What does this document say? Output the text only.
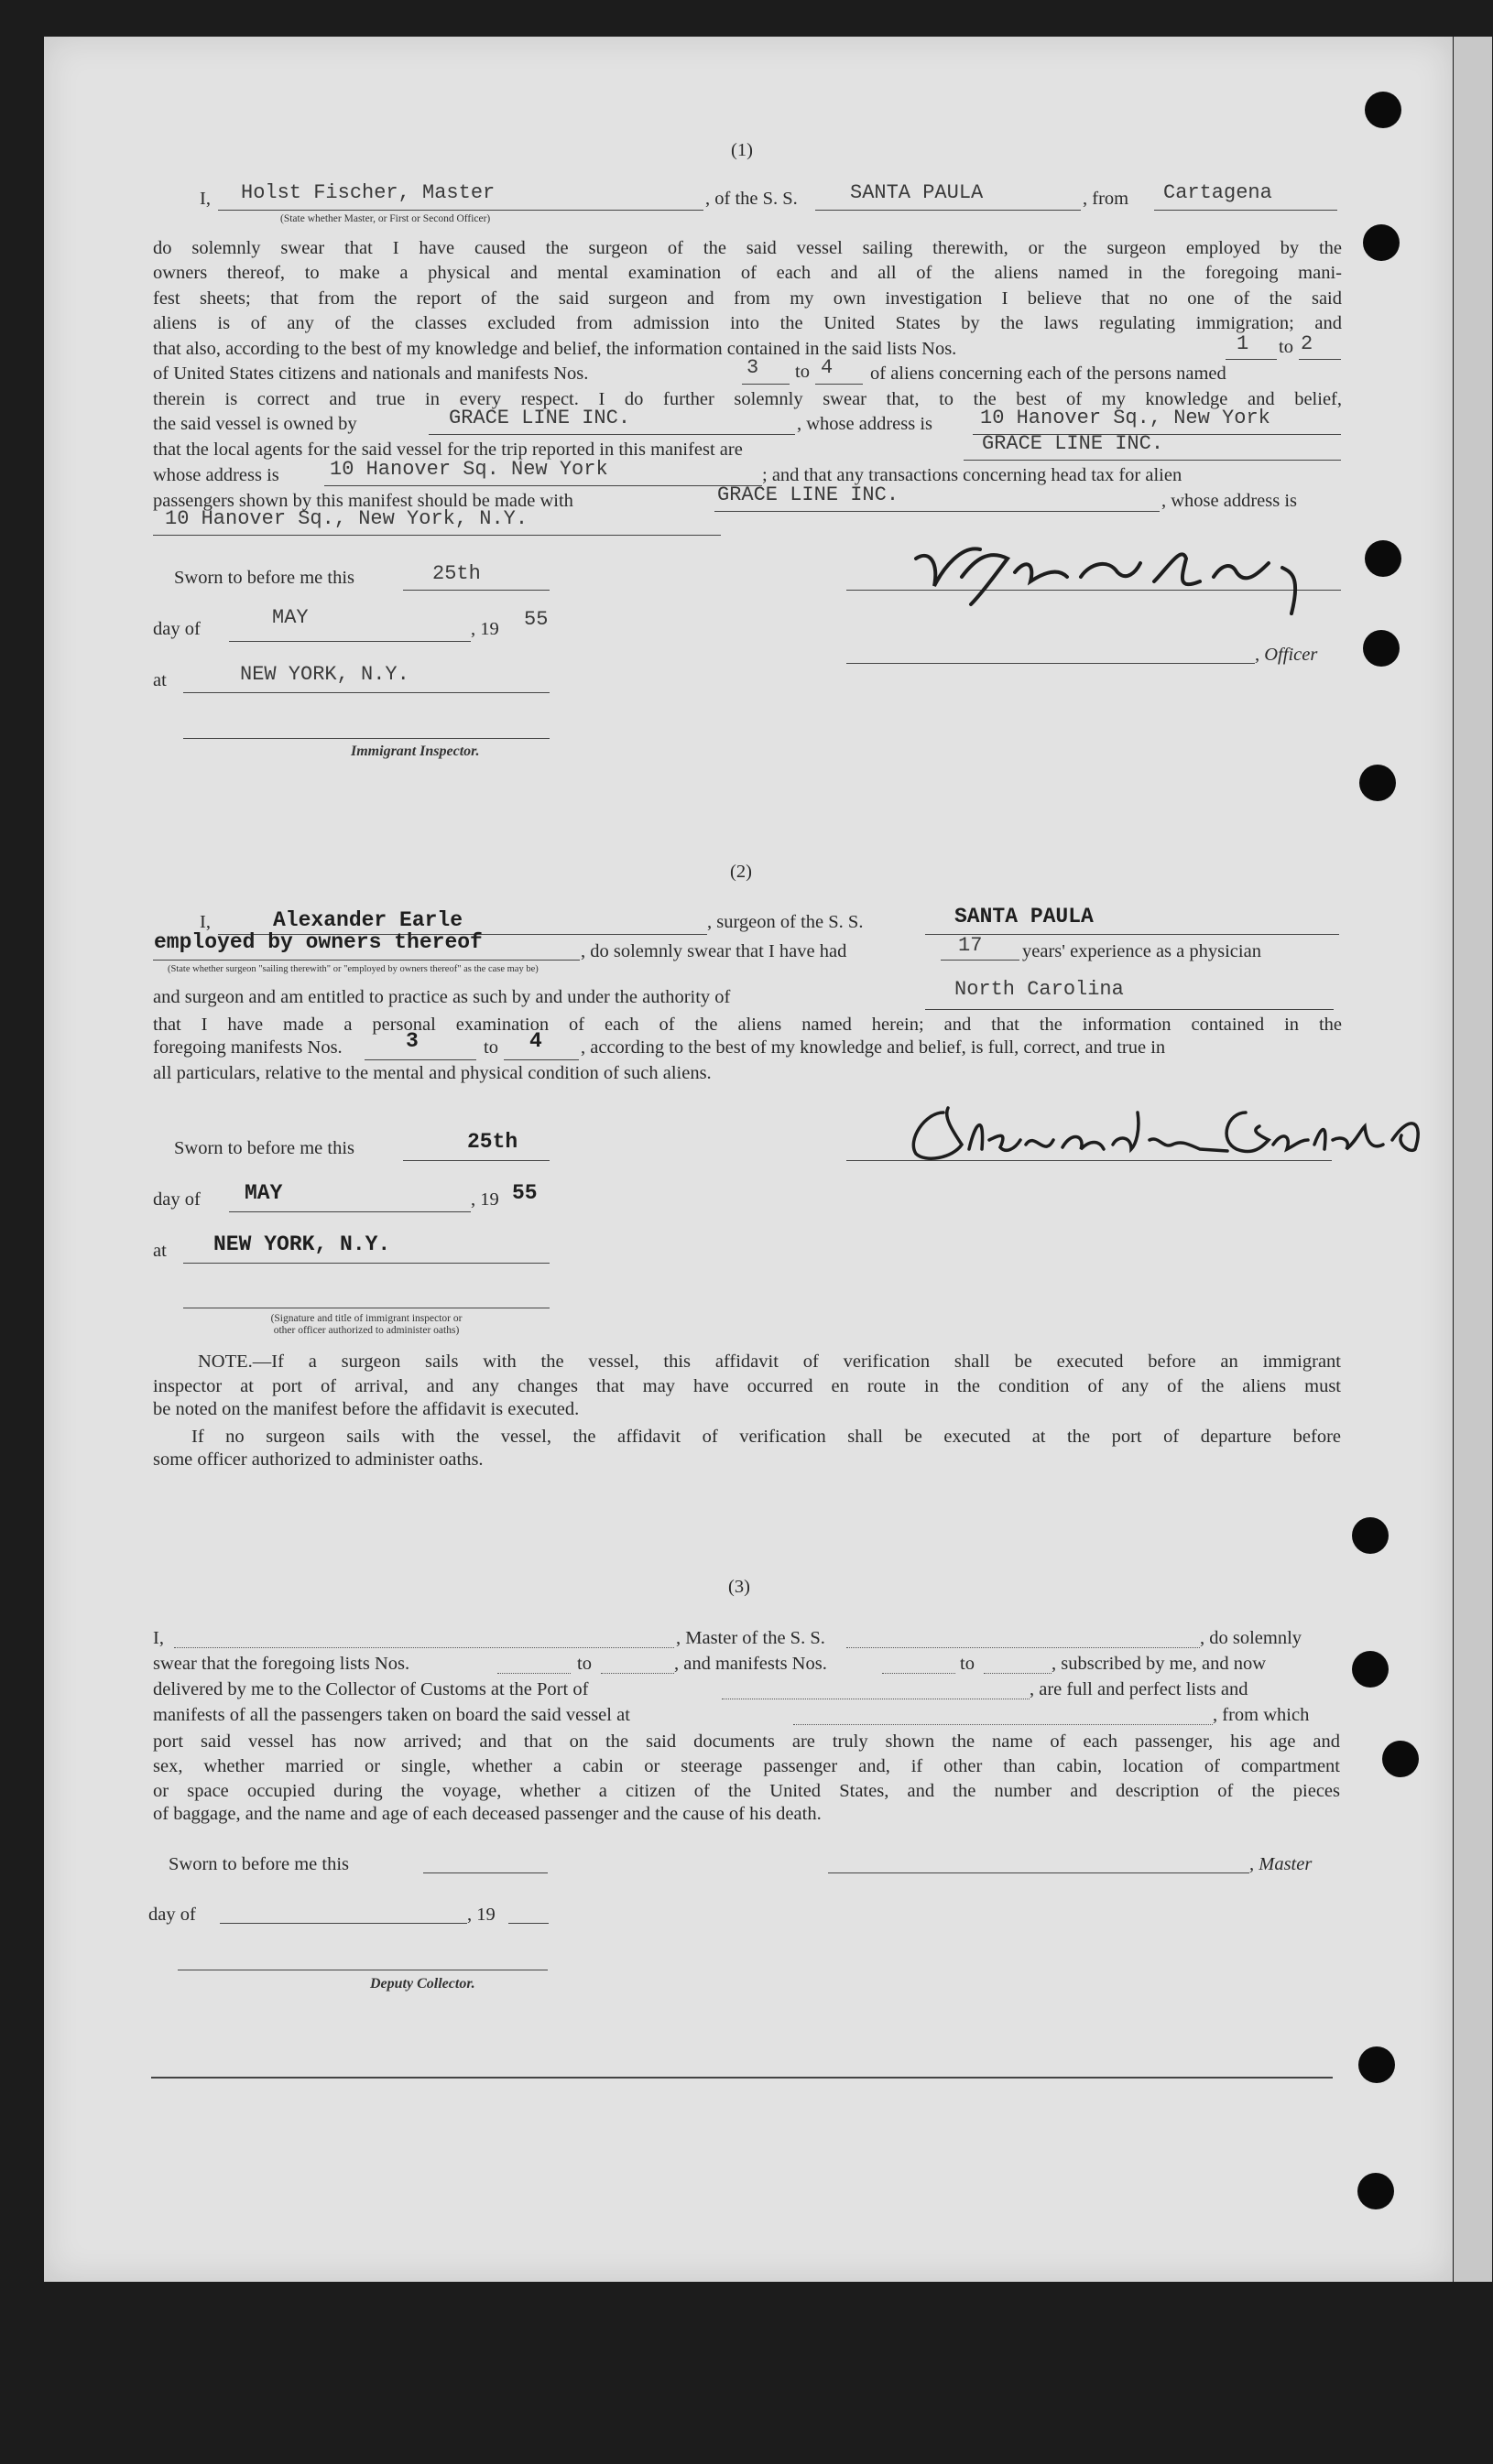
(1)
I, Holst Fischer, Master	, of the S. S.	SANTA PAULA	, from Cartagena
(State whether Master, or First or Second Officer)
do solemnly swear that I have caused the surgeon of the said vessel sailing therewith, or the surgeon employed by the
owners thereof, to make a physical and mental examination of each and all of the aliens named in the foregoing mani-
fest sheets; that from the report of the said surgeon and from my own investigation I believe that no one of the said
aliens is of any of the classes excluded from admission into the United States by the laws regulating immigration; and
that also, according to the best of my knowledge and belief, the information contained in the said lists Nos.	1 to 2
of United States citizens and nationals and manifests Nos.	3 to 4 of aliens concerning each of the persons named
therein is correct and true in every respect. I do further solemnly swear that, to the best of my knowledge and belief,
the said vessel is owned by	GRACE LINE INC.	, whose address is 10 Hanover Sq., New York
that the local agents for the said vessel for the trip reported in this manifest are	GRACE LINE INC.
whose address is	10 Hanover Sq. New York	; and that any transactions concerning head tax for alien
passengers shown by this manifest should be made with	GRACE LINE INC.	, whose address is
10 Hanover Sq., New York, N.Y.
Sworn to before me this	25th
day of	MAY	, 19 55
at	NEW YORK, N.Y.
, Officer
Immigrant Inspector.
(2)
I,	Alexander Earle	, surgeon of the S. S.	SANTA PAULA
employed by owners thereof	, do solemnly swear that I have had	17 years' experience as a physician
(State whether surgeon "sailing therewith" or "employed by owners thereof" as the case may be)
and surgeon and am entitled to practice as such by and under the authority of	North Carolina
that I have made a personal examination of each of the aliens named herein; and that the information contained in the
foregoing manifests Nos.	3	to 4 , according to the best of my knowledge and belief, is full, correct, and true in
all particulars, relative to the mental and physical condition of such aliens.
Sworn to before me this	25th
day of MAY	, 19 55
at NEW YORK, N.Y.
(Signature and title of immigrant inspector or
other officer authorized to administer oaths)
NOTE.—If a surgeon sails with the vessel, this affidavit of verification shall be executed before an immigrant
inspector at port of arrival, and any changes that may have occurred en route in the condition of any of the aliens must
be noted on the manifest before the affidavit is executed.
If no surgeon sails with the vessel, the affidavit of verification shall be executed at the port of departure before
some officer authorized to administer oaths.
(3)
I,	, Master of the S. S.	, do solemnly
swear that the foregoing lists Nos.	to	, and manifests Nos.	to	, subscribed by me, and now
delivered by me to the Collector of Customs at the Port of	, are full and perfect lists and
manifests of all the passengers taken on board the said vessel at	, from which
port said vessel has now arrived; and that on the said documents are truly shown the name of each passenger, his age and
sex, whether married or single, whether a cabin or steerage passenger and, if other than cabin, location of compartment
or space occupied during the voyage, whether a citizen of the United States, and the number and description of the pieces
of baggage, and the name and age of each deceased passenger and the cause of his death.
Sworn to before me this	, Master
day of	, 19
Deputy Collector.
